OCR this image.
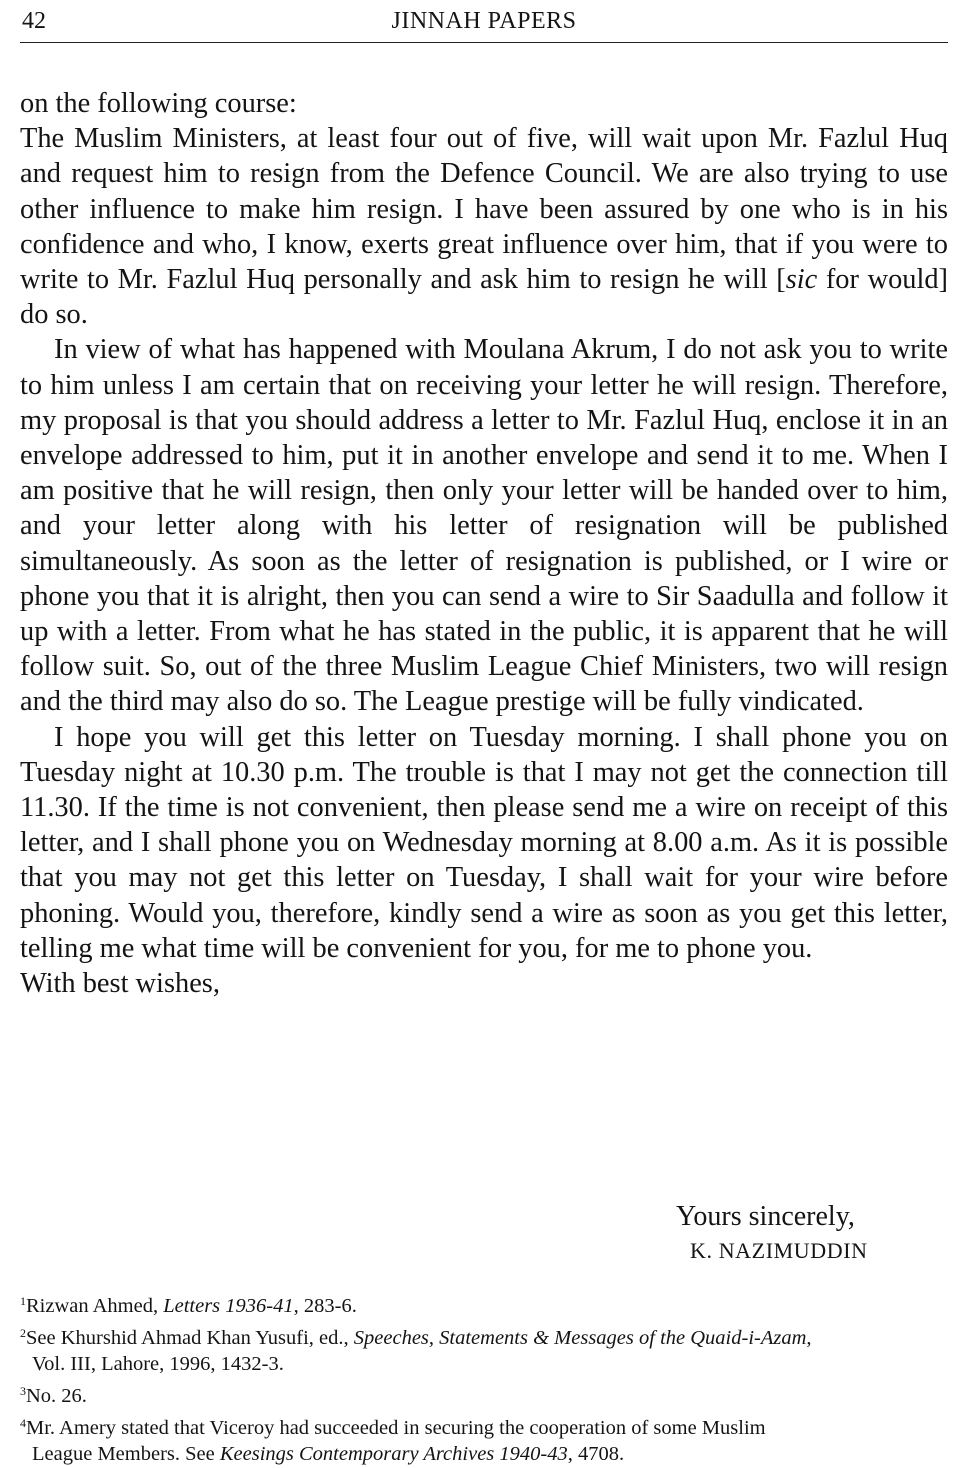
42	JINNAH PAPERS

on the following course:

The Muslim Ministers, at least four out of five, will wait upon Mr. Fazlul Huq and request him to resign from the Defence Council. We are also trying to use other influence to make him resign. I have been assured by one who is in his confidence and who, I know, exerts great influence over him, that if you were to write to Mr. Fazlul Huq personally and ask him to resign he will [sic for would] do so.

In view of what has happened with Moulana Akrum, I do not ask you to write to him unless I am certain that on receiving your letter he will resign. Therefore, my proposal is that you should address a letter to Mr. Fazlul Huq, enclose it in an envelope addressed to him, put it in another envelope and send it to me. When I am positive that he will resign, then only your letter will be handed over to him, and your letter along with his letter of resignation will be published simultaneously. As soon as the letter of resignation is published, or I wire or phone you that it is alright, then you can send a wire to Sir Saadulla and follow it up with a letter. From what he has stated in the public, it is apparent that he will follow suit. So, out of the three Muslim League Chief Ministers, two will resign and the third may also do so. The League prestige will be fully vindicated.

I hope you will get this letter on Tuesday morning. I shall phone you on Tuesday night at 10.30 p.m. The trouble is that I may not get the connection till 11.30. If the time is not convenient, then please send me a wire on receipt of this letter, and I shall phone you on Wednesday morning at 8.00 a.m. As it is possible that you may not get this letter on Tuesday, I shall wait for your wire before phoning. Would you, therefore, kindly send a wire as soon as you get this letter, telling me what time will be convenient for you, for me to phone you.

With best wishes,

Yours sincerely,
K. NAZIMUDDIN
$^1$Rizwan Ahmed, Letters 1936-41, 283-6.
$^2$See Khurshid Ahmad Khan Yusufi, ed., Speeches, Statements & Messages of the Quaid-i-Azam,
Vol. III, Lahore, 1996, 1432-3.
$^3$No. 26.
$^4$Mr. Amery stated that Viceroy had succeeded in securing the cooperation of some Muslim
League Members. See Keesings Contemporary Archives 1940-43, 4708.
